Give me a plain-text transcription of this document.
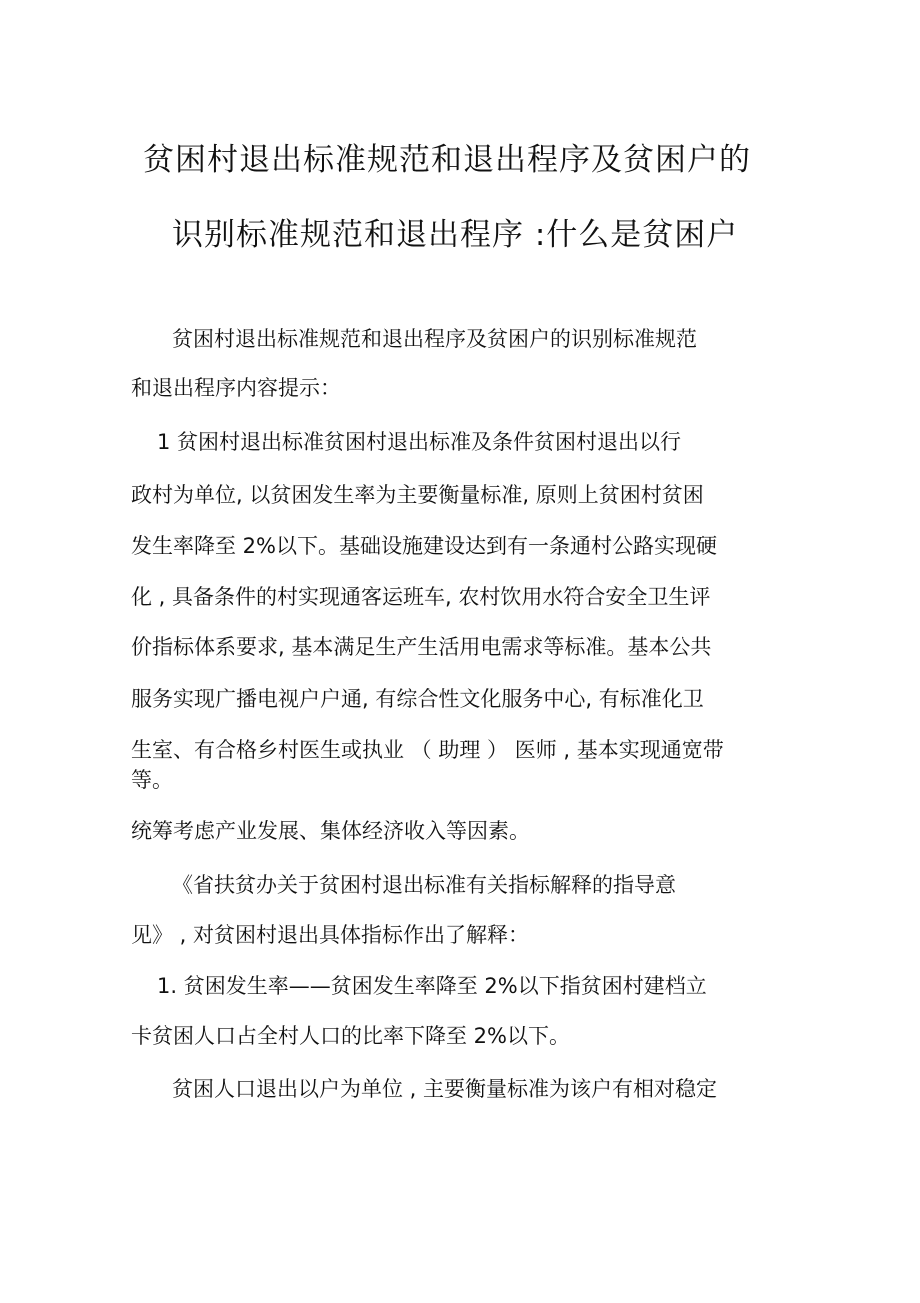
贫困村退出标准规范和退出程序及贫困户的
识别标准规范和退出程序 :什么是贫困户
贫困村退出标准规范和退出程序及贫困户的识别标准规范
和退出程序内容提示：
1 贫困村退出标准贫困村退出标准及条件贫困村退出以行
政村为单位, 以贫困发生率为主要衡量标准, 原则上贫困村贫困
发生率降至 2%以下。基础设施建设达到有一条通村公路实现硬
化 , 具备条件的村实现通客运班车, 农村饮用水符合安全卫生评
价指标体系要求, 基本满足生产生活用电需求等标准。基本公共
服务实现广播电视户户通, 有综合性文化服务中心, 有标准化卫
生室、有合格乡村医生或执业 （ 助理 ） 医师 , 基本实现通宽带
等。
统筹考虑产业发展、集体经济收入等因素。
《省扶贫办关于贫困村退出标准有关指标解释的指导意
见》 , 对贫困村退出具体指标作出了解释：
1. 贫困发生率——贫困发生率降至 2%以下指贫困村建档立
卡贫困人口占全村人口的比率下降至 2%以下。
贫困人口退出以户为单位 , 主要衡量标准为该户有相对稳定
